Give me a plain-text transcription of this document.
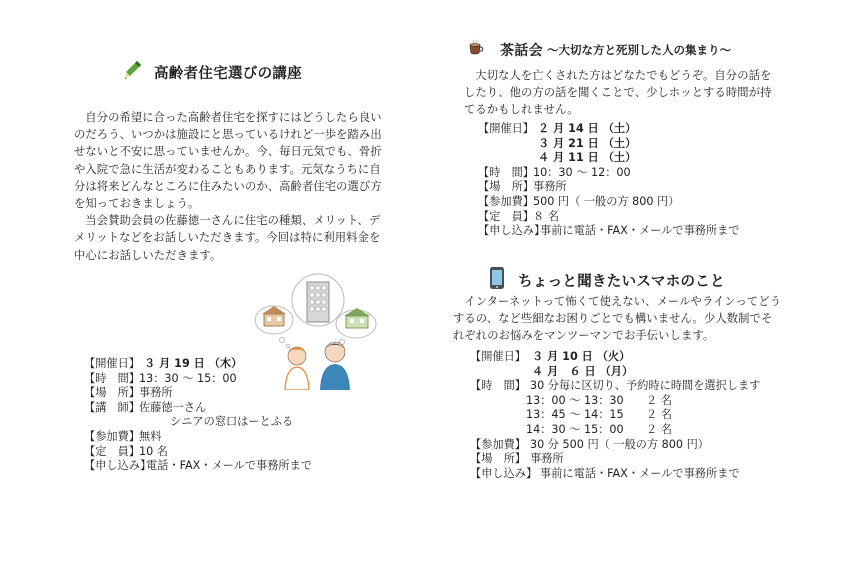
高齢者住宅選びの講座

自分の希望に合った高齢者住宅を探すにはどうしたら良いのだろう、いつかは施設にと思っているけれど一歩を踏み出せないと不安に思っていませんか。今、毎日元気でも、骨折や入院で急に生活が変わることもあります。元気なうちに自分は将来どんなところに住みたいのか、高齢者住宅の選び方を知っておきましょう。

当会賛助会員の佐藤徳一さんに住宅の種類、メリット、デメリットなどをお話しいただきます。今回は特に利用料金を中心にお話しいただきます。

【開催日】 ３ 月 19 日 （木）
【時　間】 13：30 ～ 15：00
【場　所】 事務所
【講　師】 佐藤徳一さん
シニアの窓口はーとふる
【参加費】 無料
【定　員】 10 名
【申し込み】
電話・FAX・メールで事務所まで
茶話会 ～大切な方と死別した人の集まり～

大切な人を亡くされた方はどなたでもどうぞ。自分の話をしたり、他の方の話を聞くことで、少しホッとする時間が持てるかもしれません。

【開催日】 ２ 月 14 日 （土）
３ 月 21 日 （土）
４ 月 11 日 （土）
【時　間】 10：30 ～ 12：00
【場　所】 事務所
【参加費】 500 円（ 一般の方 800 円）
【定　員】 ８ 名
【申し込み】
事前に電話・FAX・メールで事務所まで
ちょっと聞きたいスマホのこと

インターネットって怖くて使えない、メールやラインってどうするの、など些細なお困りごとでも構いません。少人数制でそれぞれのお悩みをマンツーマンでお手伝いします。

【開催日】 ３ 月 10 日 （火）
４ 月　６ 日 （月）
【時　間】 30 分毎に区切り、予約時に時間を選択します
13：00 ～ 13：30　　２ 名
13：45 ～ 14：15　　２ 名
14：30 ～ 15：00　　２ 名
【参加費】 30 分 500 円（ 一般の方 800 円）
【場　所】 事務所
【申し込み】 事前に電話・FAX・メールで事務所まで
